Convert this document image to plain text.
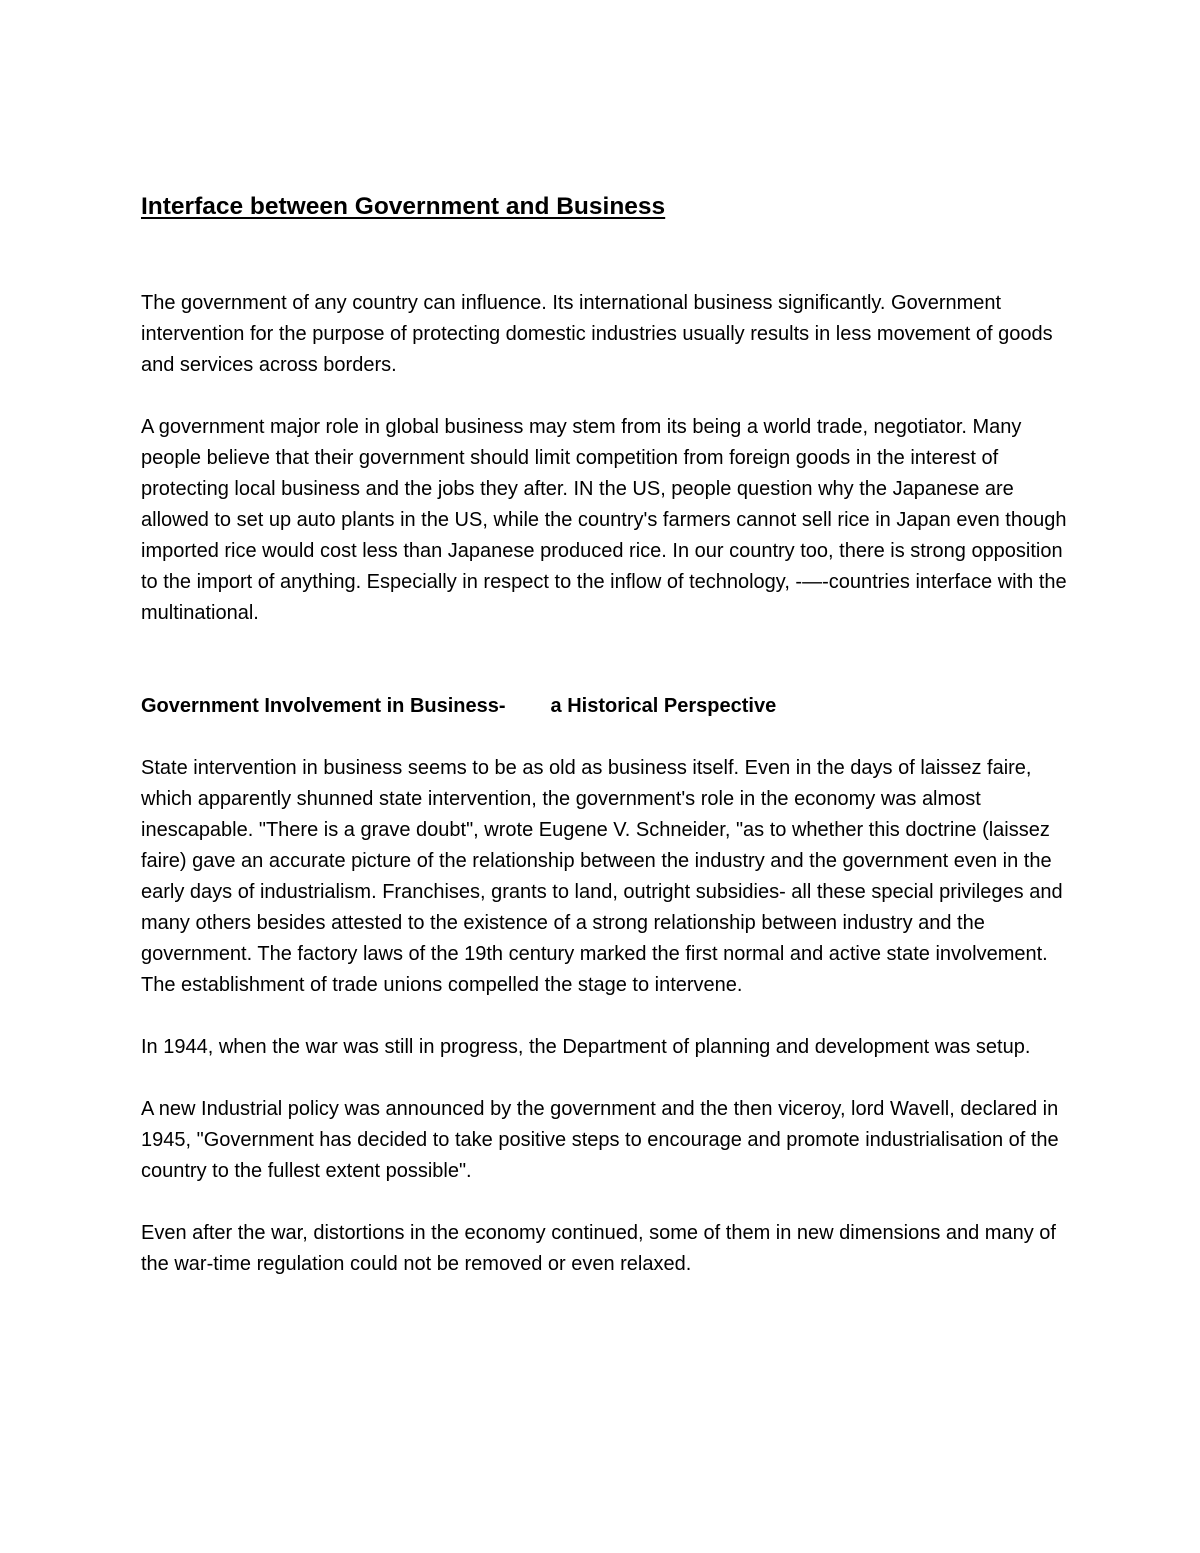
Interface between Government and Business

The government of any country can influence. Its international business significantly. Government intervention for the purpose of protecting domestic industries usually results in less movement of goods and services across borders.

A government major role in global business may stem from its being a world trade, negotiator. Many people believe that their government should limit competition from foreign goods in the interest of protecting local business and the jobs they after. IN the US, people question why the Japanese are allowed to set up auto plants in the US, while the country's farmers cannot sell rice in Japan even though imported rice would cost less than Japanese produced rice. In our country too, there is strong opposition to the import of anything. Especially in respect to the inflow of technology, -—-countries interface with the multinational.

Government Involvement in Business- a Historical Perspective

State intervention in business seems to be as old as business itself. Even in the days of laissez faire, which apparently shunned state intervention, the government's role in the economy was almost inescapable. "There is a grave doubt", wrote Eugene V. Schneider, "as to whether this doctrine (laissez faire) gave an accurate picture of the relationship between the industry and the government even in the early days of industrialism. Franchises, grants to land, outright subsidies- all these special privileges and many others besides attested to the existence of a strong relationship between industry and the government. The factory laws of the 19th century marked the first normal and active state involvement. The establishment of trade unions compelled the stage to intervene.

In 1944, when the war was still in progress, the Department of planning and development was setup.

A new Industrial policy was announced by the government and the then viceroy, lord Wavell, declared in 1945, "Government has decided to take positive steps to encourage and promote industrialisation of the country to the fullest extent possible".

Even after the war, distortions in the economy continued, some of them in new dimensions and many of the war-time regulation could not be removed or even relaxed.
